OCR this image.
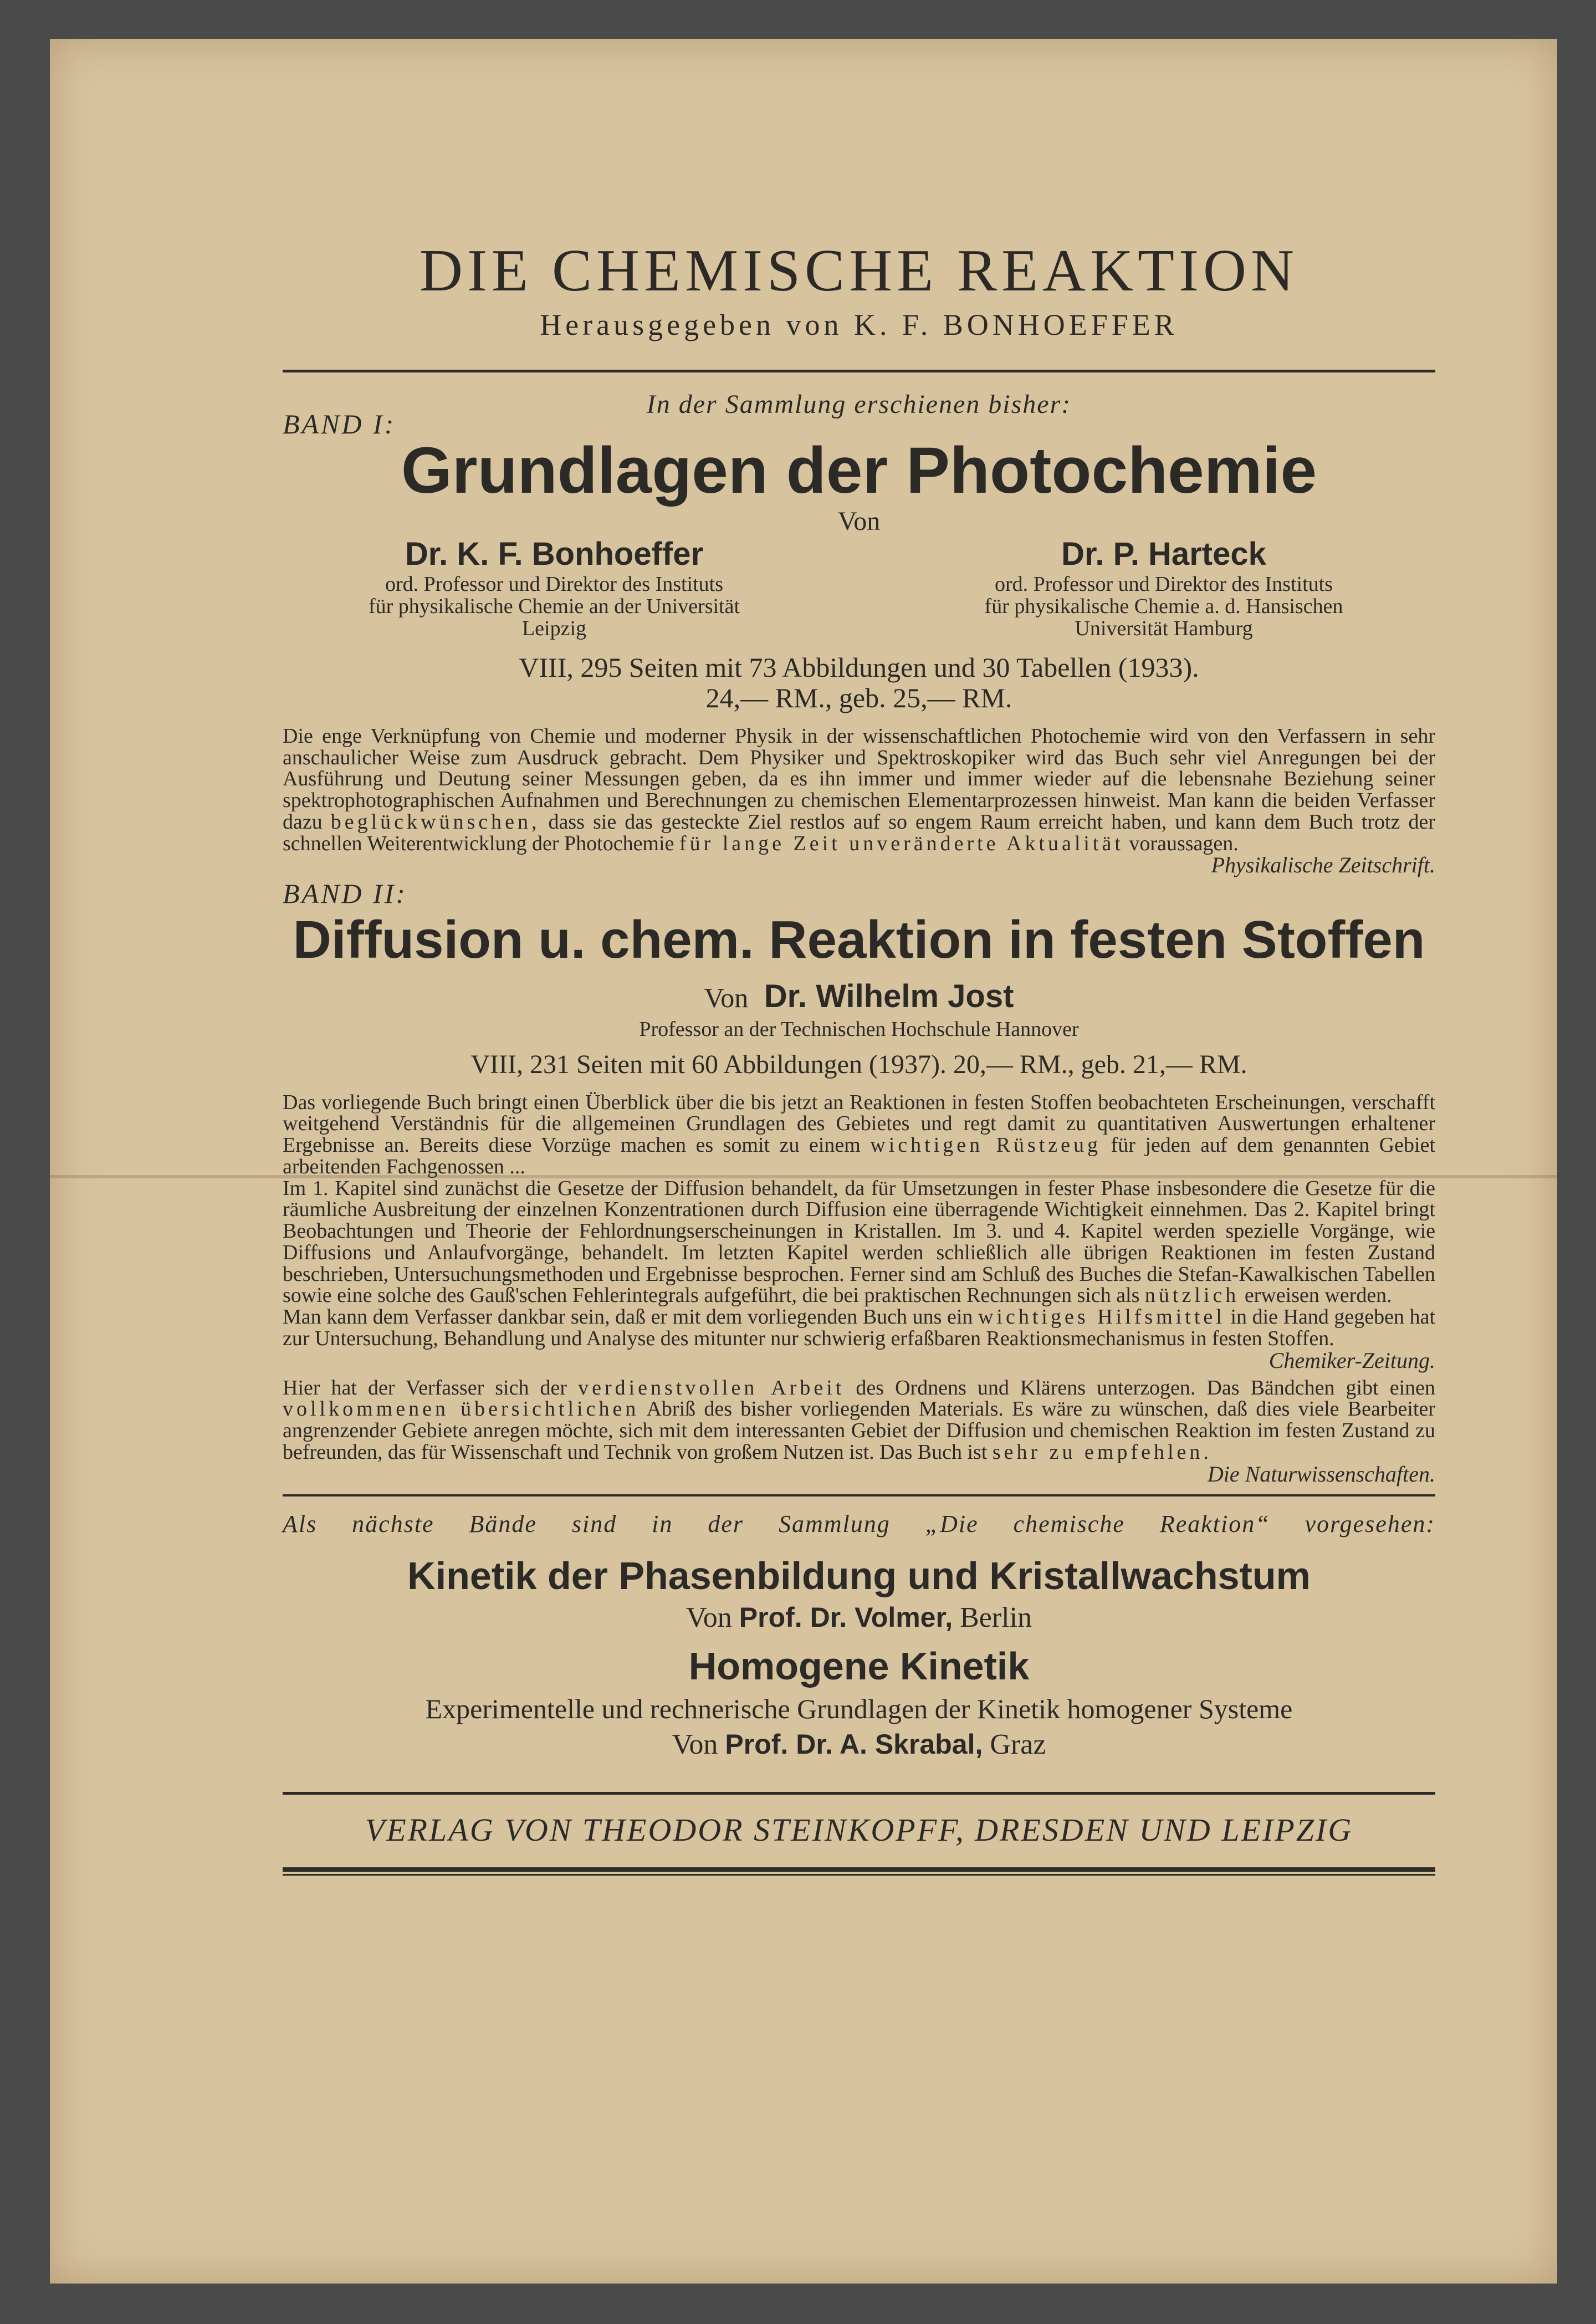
DIE CHEMISCHE REAKTION
Herausgegeben von K. F. BONHOEFFER
BAND I:
In der Sammlung erschienen bisher:
Grundlagen der Photochemie
Von
Dr. K. F. Bonhoeffer
ord. Professor und Direktor des Instituts
für physikalische Chemie an der Universität
Leipzig
Dr. P. Harteck
ord. Professor und Direktor des Instituts
für physikalische Chemie a. d. Hansischen
Universität Hamburg
VIII, 295 Seiten mit 73 Abbildungen und 30 Tabellen (1933).
24,— RM., geb. 25,— RM.
Die enge Verknüpfung von Chemie und moderner Physik in der wissenschaftlichen Photochemie wird von den Verfassern in sehr anschaulicher Weise zum Ausdruck gebracht. Dem Physiker und Spektroskopiker wird das Buch sehr viel Anregungen bei der Ausführung und Deutung seiner Messungen geben, da es ihn immer und immer wieder auf die lebensnahe Beziehung seiner spektrophotographischen Aufnahmen und Berechnungen zu chemischen Elementarprozessen hinweist. Man kann die beiden Verfasser dazu beglückwünschen, dass sie das gesteckte Ziel restlos auf so engem Raum erreicht haben, und kann dem Buch trotz der schnellen Weiterentwicklung der Photochemie für lange Zeit unveränderte Aktualität voraussagen.
Physikalische Zeitschrift.
BAND II:
Diffusion u. chem. Reaktion in festen Stoffen
Von Dr. Wilhelm Jost
Professor an der Technischen Hochschule Hannover
VIII, 231 Seiten mit 60 Abbildungen (1937). 20,— RM., geb. 21,— RM.
Das vorliegende Buch bringt einen Überblick über die bis jetzt an Reaktionen in festen Stoffen beobachteten Erscheinungen, verschafft weitgehend Verständnis für die allgemeinen Grundlagen des Gebietes und regt damit zu quantitativen Auswertungen erhaltener Ergebnisse an. Bereits diese Vorzüge machen es somit zu einem wichtigen Rüstzeug für jeden auf dem genannten Gebiet arbeitenden Fachgenossen ...
Im 1. Kapitel sind zunächst die Gesetze der Diffusion behandelt, da für Umsetzungen in fester Phase insbesondere die Gesetze für die räumliche Ausbreitung der einzelnen Konzentrationen durch Diffusion eine überragende Wichtigkeit einnehmen. Das 2. Kapitel bringt Beobachtungen und Theorie der Fehlordnungserscheinungen in Kristallen. Im 3. und 4. Kapitel werden spezielle Vorgänge, wie Diffusions und Anlaufvorgänge, behandelt. Im letzten Kapitel werden schließlich alle übrigen Reaktionen im festen Zustand beschrieben, Untersuchungsmethoden und Ergebnisse besprochen. Ferner sind am Schluß des Buches die Stefan-Kawalkischen Tabellen sowie eine solche des Gauß'schen Fehlerintegrals aufgeführt, die bei praktischen Rechnungen sich als nützlich erweisen werden.
Man kann dem Verfasser dankbar sein, daß er mit dem vorliegenden Buch uns ein wichtiges Hilfsmittel in die Hand gegeben hat zur Untersuchung, Behandlung und Analyse des mitunter nur schwierig erfaßbaren Reaktionsmechanismus in festen Stoffen.
Chemiker-Zeitung.
Hier hat der Verfasser sich der verdienstvollen Arbeit des Ordnens und Klärens unterzogen. Das Bändchen gibt einen vollkommenen übersichtlichen Abriß des bisher vorliegenden Materials. Es wäre zu wünschen, daß dies viele Bearbeiter angrenzender Gebiete anregen möchte, sich mit dem interessanten Gebiet der Diffusion und chemischen Reaktion im festen Zustand zu befreunden, das für Wissenschaft und Technik von großem Nutzen ist. Das Buch ist sehr zu empfehlen.
Die Naturwissenschaften.
Als nächste Bände sind in der Sammlung „Die chemische Reaktion“ vorgesehen:
Kinetik der Phasenbildung und Kristallwachstum
Von Prof. Dr. Volmer, Berlin
Homogene Kinetik
Experimentelle und rechnerische Grundlagen der Kinetik homogener Systeme
Von Prof. Dr. A. Skrabal, Graz
VERLAG VON THEODOR STEINKOPFF, DRESDEN UND LEIPZIG
